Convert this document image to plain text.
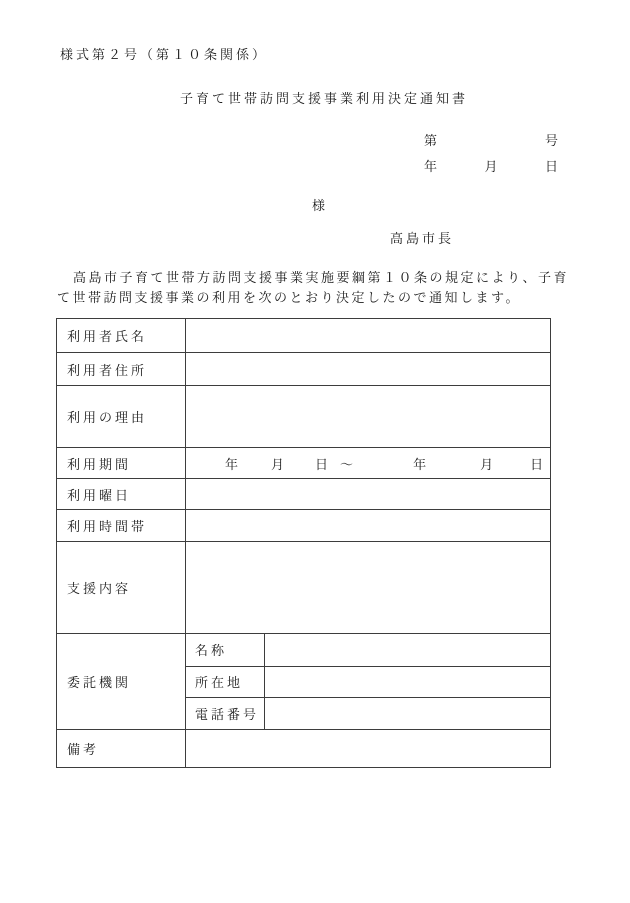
様式第２号（第１０条関係）
子育て世帯訪問支援事業利用決定通知書
第	号
年	月	日
様
高島市長
高島市子育て世帯方訪問支援事業実施要綱第１０条の規定により、子育
て世帯訪問支援事業の利用を次のとおり決定したので通知します。
利用者氏名
利用者住所
利用の理由
利用期間	年 月 日 ～	年	月	日
利用曜日
利用時間帯
支援内容
委託機関
名称
所在地
電話番号
備考
